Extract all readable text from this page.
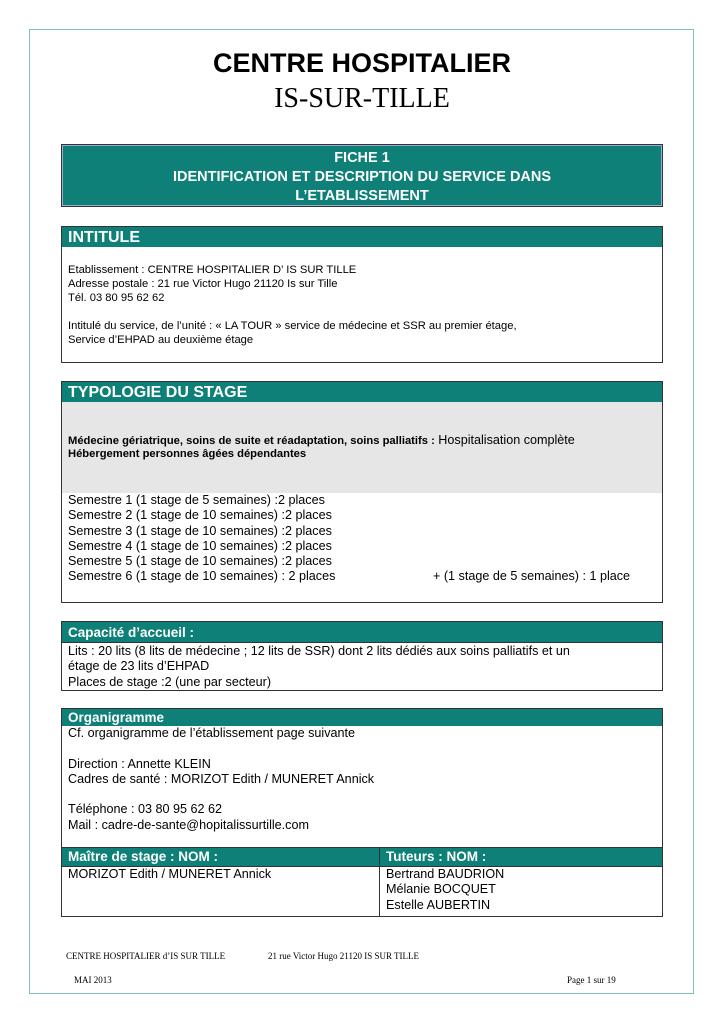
CENTRE HOSPITALIER
IS-SUR-TILLE
FICHE 1
IDENTIFICATION ET DESCRIPTION DU SERVICE DANS
L’ETABLISSEMENT
INTITULE
Etablissement : CENTRE HOSPITALIER D’ IS SUR TILLE
Adresse postale : 21 rue Victor Hugo 21120 Is sur Tille
Tél. 03 80 95 62 62
Intitulé du service, de l’unité : « LA TOUR » service de médecine et SSR au premier étage,
Service d’EHPAD au deuxième étage
TYPOLOGIE DU STAGE
Médecine gériatrique, soins de suite et réadaptation, soins palliatifs : Hospitalisation complète
Hébergement personnes âgées dépendantes
Semestre 1 (1 stage de 5 semaines) :2 places
Semestre 2 (1 stage de 10 semaines) :2 places
Semestre 3 (1 stage de 10 semaines) :2 places
Semestre 4 (1 stage de 10 semaines) :2 places
Semestre 5 (1 stage de 10 semaines) :2 places
Semestre 6 (1 stage de 10 semaines) : 2 places	+ (1 stage de 5 semaines) : 1 place
Capacité d’accueil :
Lits : 20 lits (8 lits de médecine ; 12 lits de SSR) dont 2 lits dédiés aux soins palliatifs et un
étage de 23 lits d’EHPAD
Places de stage :2 (une par secteur)
Organigramme
Cf. organigramme de l’établissement page suivante
Direction : Annette KLEIN
Cadres de santé : MORIZOT Edith / MUNERET Annick
Téléphone : 03 80 95 62 62
Mail : cadre-de-sante@hopitalissurtille.com
Maître de stage : NOM :
MORIZOT Edith / MUNERET Annick
Tuteurs : NOM :
Bertrand BAUDRION
Mélanie BOCQUET
Estelle AUBERTIN
CENTRE HOSPITALIER d’IS SUR TILLE	21 rue Victor Hugo 21120 IS SUR TILLE
MAI 2013	Page 1 sur 19
